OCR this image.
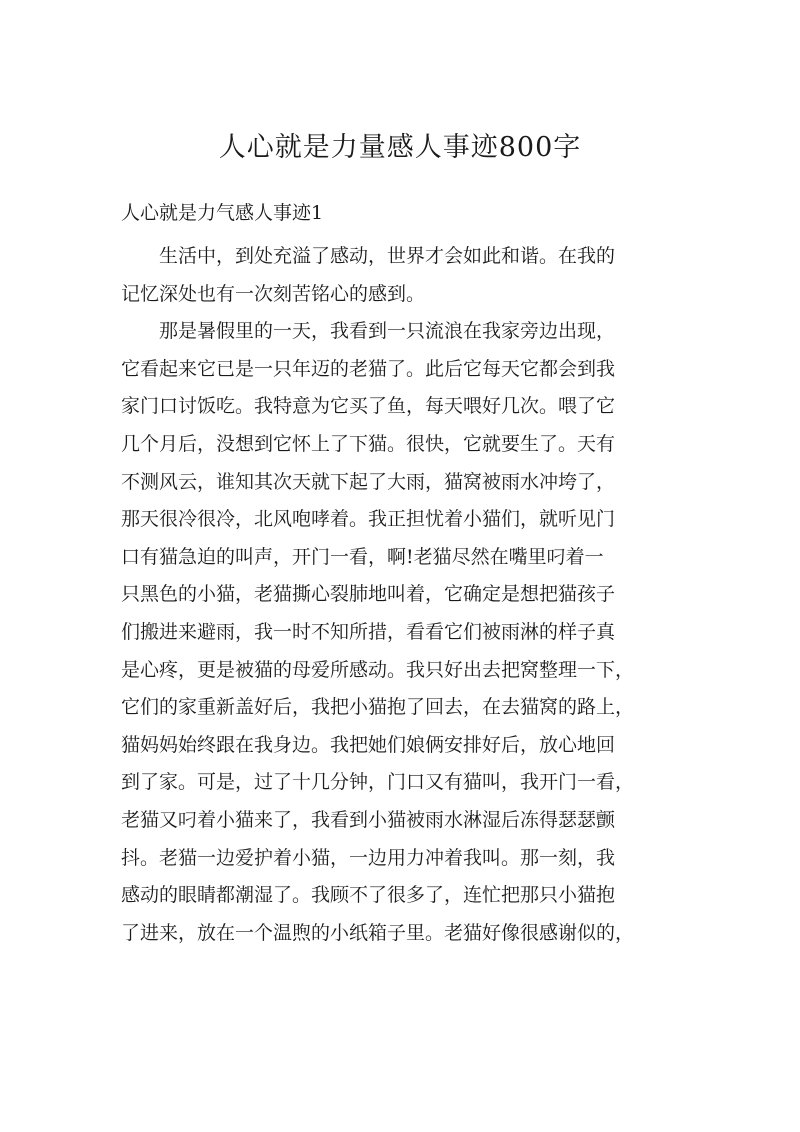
人心就是力量感人事迹800字
人心就是力气感人事迹1

生活中，到处充溢了感动，世界才会如此和谐。在我的
记忆深处也有一次刻苦铭心的感到。

那是暑假里的一天，我看到一只流浪在我家旁边出现，
它看起来它已是一只年迈的老猫了。此后它每天它都会到我
家门口讨饭吃。我特意为它买了鱼，每天喂好几次。喂了它
几个月后，没想到它怀上了下猫。很快，它就要生了。天有
不测风云，谁知其次天就下起了大雨，猫窝被雨水冲垮了，
那天很冷很冷，北风咆哮着。我正担忧着小猫们，就听见门
口有猫急迫的叫声，开门一看，啊!老猫尽然在嘴里叼着一
只黑色的小猫，老猫撕心裂肺地叫着，它确定是想把猫孩子
们搬进来避雨，我一时不知所措，看看它们被雨淋的样子真
是心疼，更是被猫的母爱所感动。我只好出去把窝整理一下，
它们的家重新盖好后，我把小猫抱了回去，在去猫窝的路上，
猫妈妈始终跟在我身边。我把她们娘俩安排好后，放心地回
到了家。可是，过了十几分钟，门口又有猫叫，我开门一看，
老猫又叼着小猫来了，我看到小猫被雨水淋湿后冻得瑟瑟颤
抖。老猫一边爱护着小猫，一边用力冲着我叫。那一刻，我
感动的眼睛都潮湿了。我顾不了很多了，连忙把那只小猫抱
了进来，放在一个温煦的小纸箱子里。老猫好像很感谢似的，
